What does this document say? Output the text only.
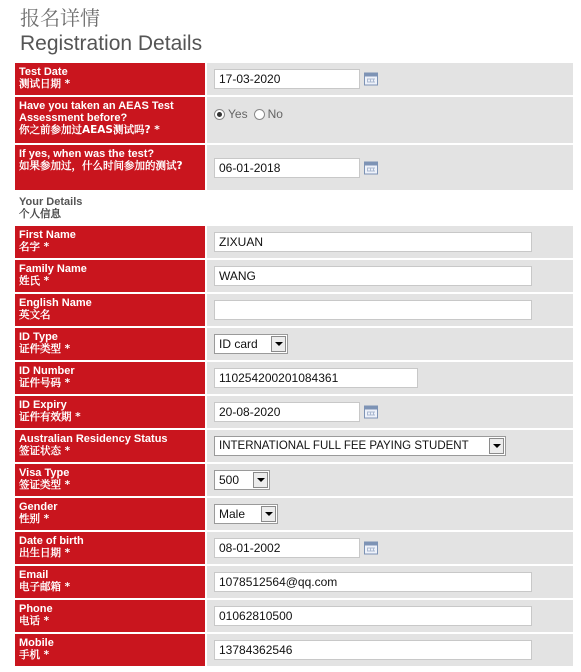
报名详情
Registration Details
Test Date
测试日期 *	17-03-2020
Have you taken an AEAS Test Assessment before?
你之前参加过AEAS测试吗? *
Yes No
If yes, when was the test?
如果参加过，什么时间参加的测试?	06-01-2018
Your Details
个人信息
First Name
名字 *	ZIXUAN
Family Name
姓氏 *	WANG
English Name
英文名
ID Type
证件类型 *	ID card
ID Number
证件号码 *	110254200201084361
ID Expiry
证件有效期 *	20-08-2020
Australian Residency Status
签证状态 *	INTERNATIONAL FULL FEE PAYING STUDENT
Visa Type
签证类型 *	500
Gender
性别 *	Male
Date of birth
出生日期 *	08-01-2002
Email
电子邮箱 *	1078512564@qq.com
Phone
电话 *	01062810500
Mobile
手机 *	13784362546
